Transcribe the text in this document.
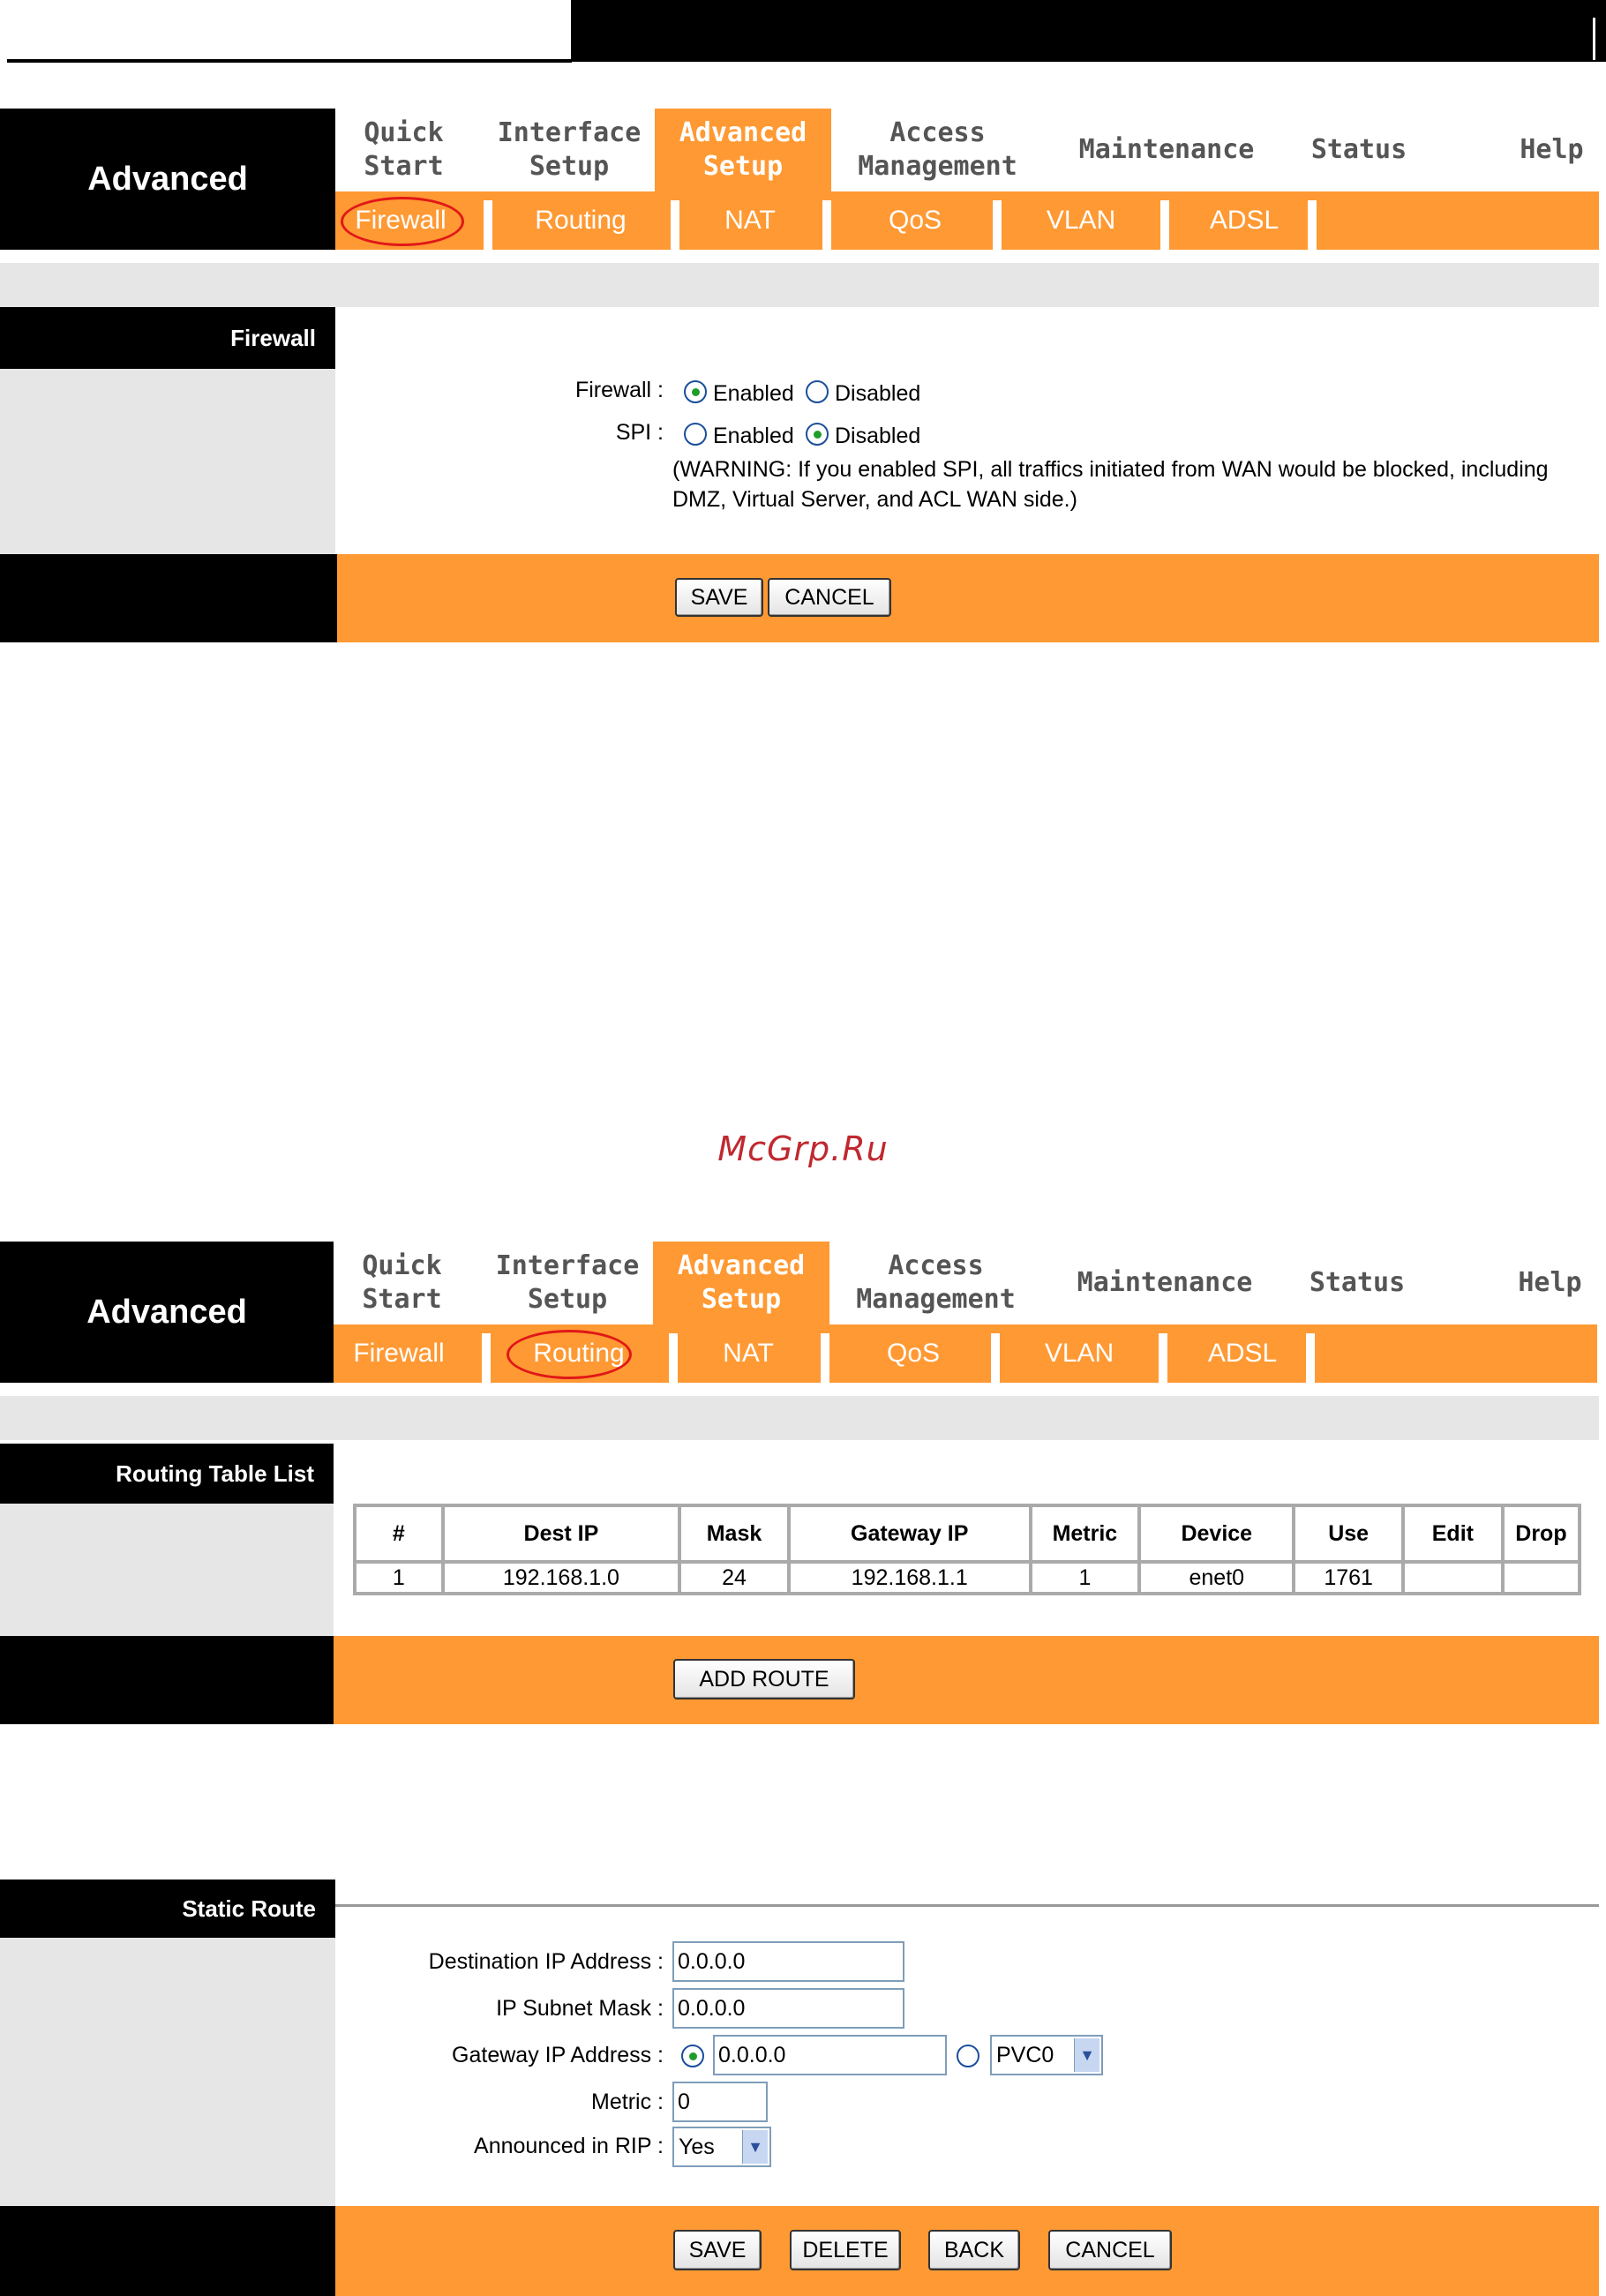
Advanced
Quick
Start
Interface
Setup
Advanced
Setup
Access
Management
Maintenance Status	Help
Firewall	Routing	NAT	QoS	VLAN	ADSL
Firewall
Firewall : Enabled Disabled
SPI : Enabled Disabled
(WARNING: If you enabled SPI, all traffics initiated from WAN would be blocked, including
DMZ, Virtual Server, and ACL WAN side.)
SAVE	CANCEL
McGrp.Ru
Advanced
Quick
Start
Interface
Setup
Advanced
Setup
Access
Management
Maintenance Status	Help
Firewall	Routing	NAT	QoS	VLAN	ADSL
Routing Table List
#	Dest IP	Mask	Gateway IP	Metric	Device	Use	Edit	Drop
1	192.168.1.0	24	192.168.1.1	1	enet0	1761		
ADD ROUTE
Static Route
Destination IP Address : 0.0.0.0
IP Subnet Mask : 0.0.0.0
Gateway IP Address : 0.0.0.0	PVC0	▼
Metric : 0
Announced in RIP : Yes	▼
SAVE	DELETE	BACK	CANCEL
